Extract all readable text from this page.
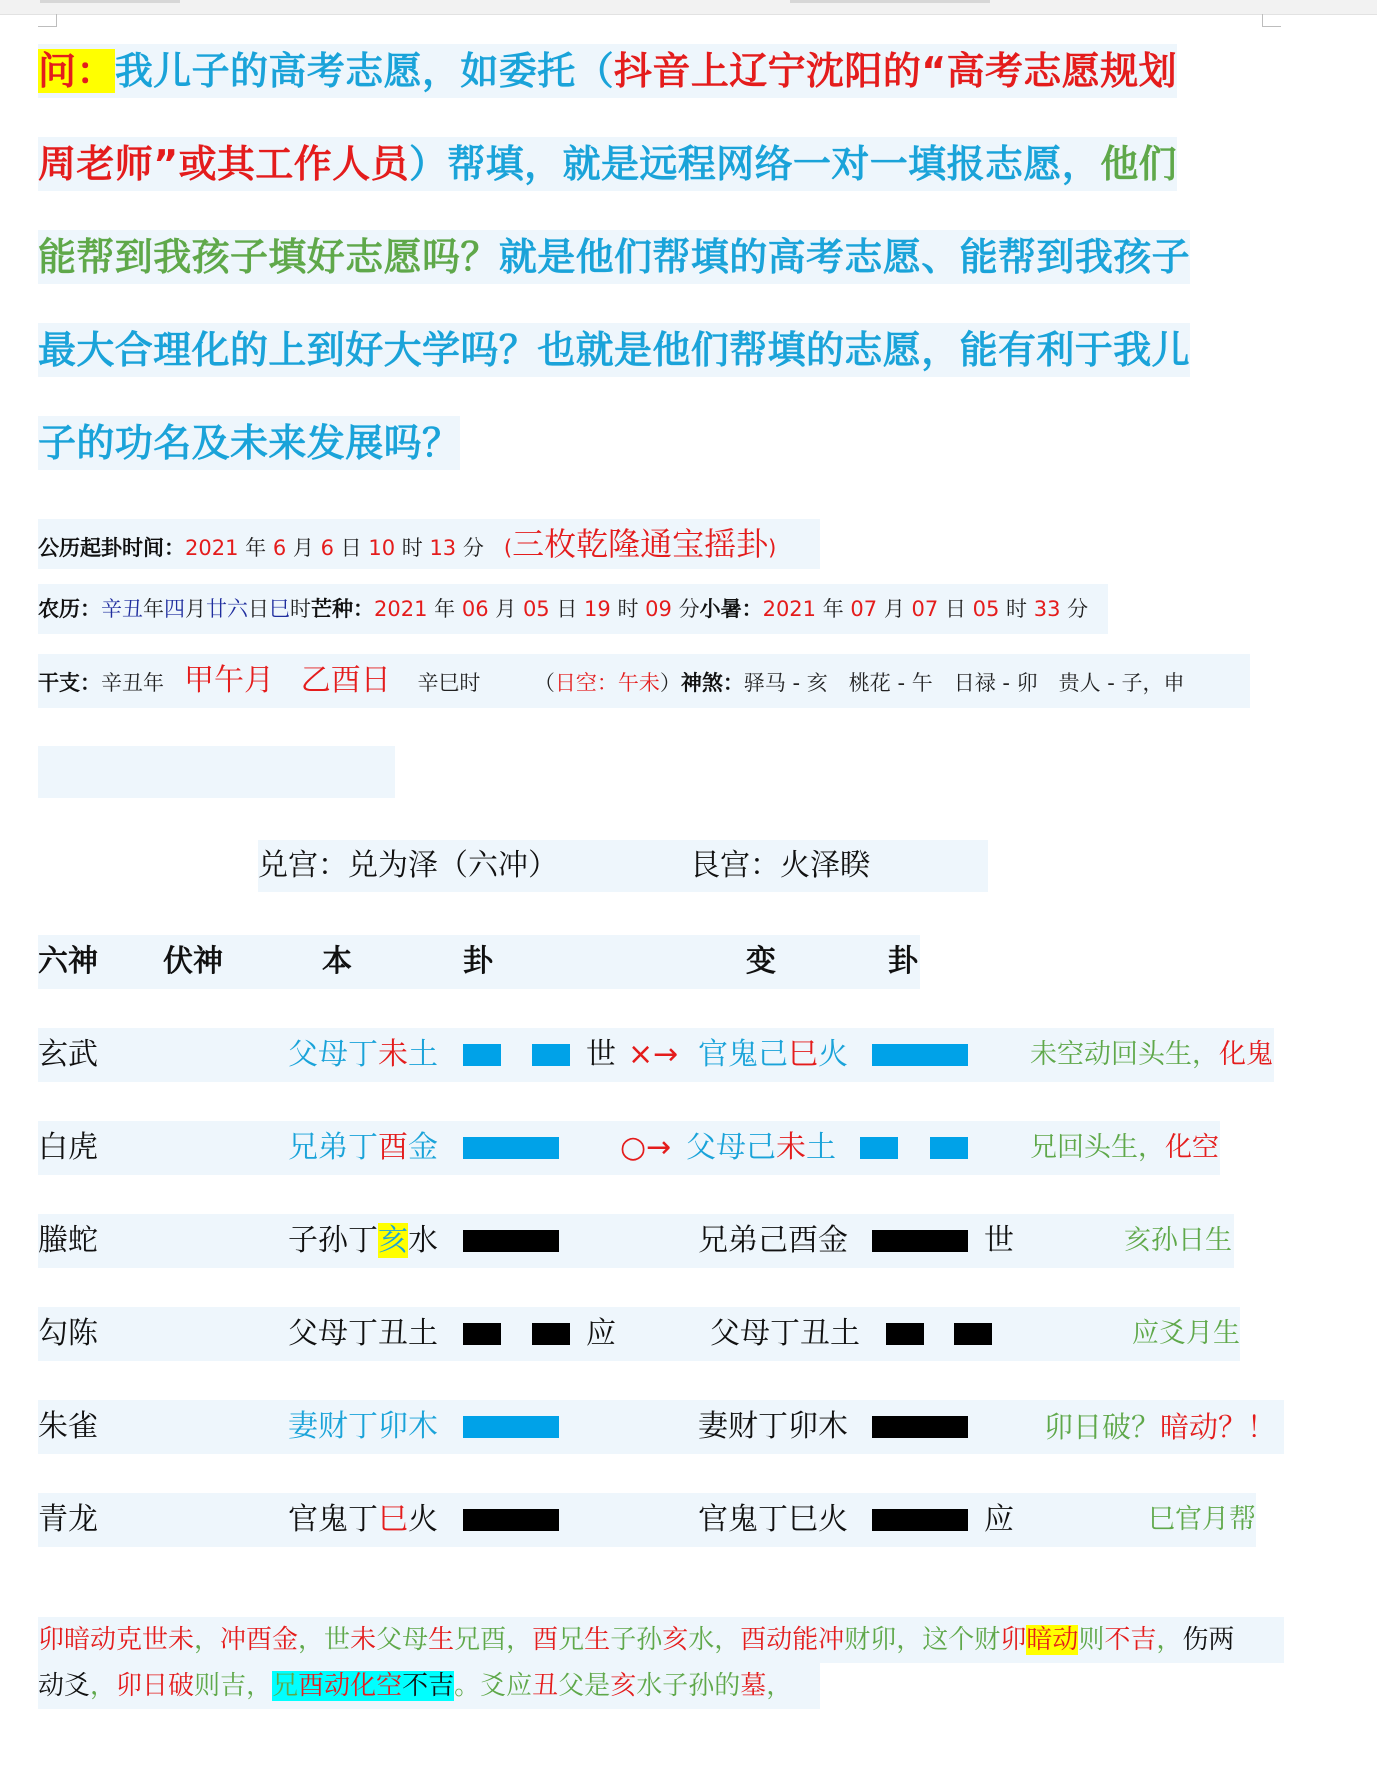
问：我儿子的高考志愿，如委托（抖音上辽宁沈阳的“高考志愿规划
周老师”或其工作人员）帮填，就是远程网络一对一填报志愿，他们
能帮到我孩子填好志愿吗？就是他们帮填的高考志愿、能帮到我孩子
最大合理化的上到好大学吗？也就是他们帮填的志愿，能有利于我儿
子的功名及未来发展吗？
公历起卦时间：2021 年 6 月 6 日 10 时 13 分 (三枚乾隆通宝摇卦)
农历：辛丑年四月廿六日巳时芒种：2021 年 06 月 05 日 19 时 09 分小暑：2021 年 07 月 07 日 05 时 33 分
干支：辛丑年 甲午月 乙酉日 辛巳时	（日空：午未）神煞：驿马 - 亥　桃花 - 午　日禄 - 卯　贵人 - 子，申
兑宫：兑为泽（六冲）	艮宫：火泽睽
六神 伏神	本	卦	变	卦
玄武	父母丁未土	世 ×→ 官鬼己巳火	未空动回头生，化鬼
白虎	兄弟丁酉金	○→ 父母己未土	兄回头生，化空
螣蛇	子孙丁亥水	兄弟己酉金	世	亥孙日生
勾陈	父母丁丑土	应	父母丁丑土	应爻月生
朱雀	妻财丁卯木	妻财丁卯木	卯日破？暗动？！
青龙	官鬼丁巳火	官鬼丁巳火	应	巳官月帮
卯暗动克世未，冲酉金，世未父母生兄酉，酉兄生子孙亥水，酉动能冲财卯，这个财卯暗动则不吉，伤两
动爻，卯日破则吉，兄酉动化空不吉。爻应丑父是亥水子孙的墓，
